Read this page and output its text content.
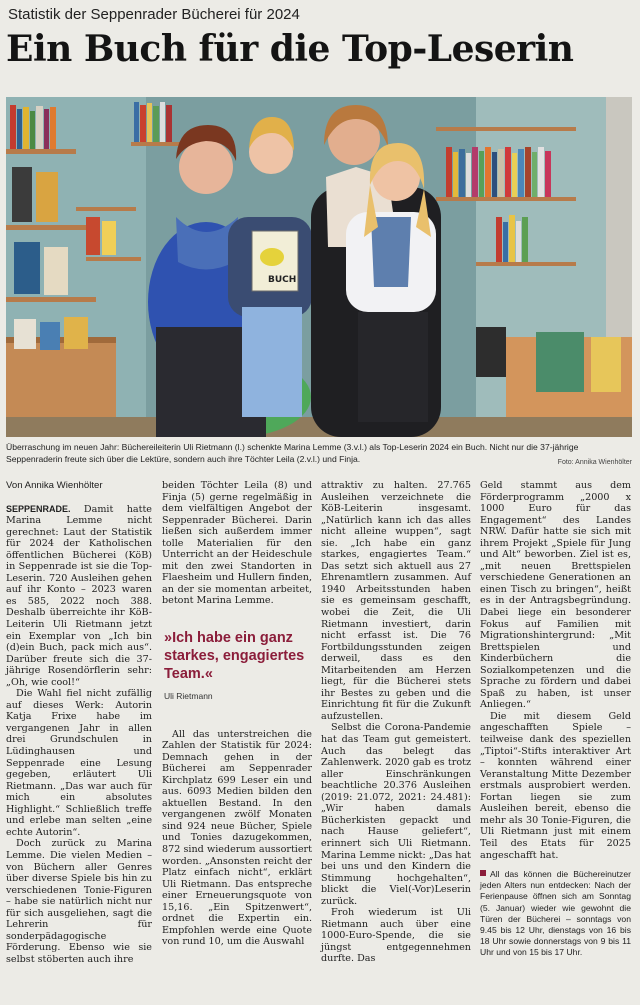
Statistik der Seppenrader Bücherei für 2024
Ein Buch für die Top-Leserin
BUCH
Überraschung im neuen Jahr: Büchereileiterin Uli Rietmann (l.) schenkte Marina Lemme (3.v.l.) als Top-Leserin 2024 ein Buch. Nicht nur die 37-jährige Seppenraderin freute sich über die Lektüre, sondern auch ihre Töchter Leila (2.v.l.) und Finja.	Foto: Annika Wienhölter

Von Annika Wienhölter

SEPPENRADE. Damit hatte Marina Lemme nicht gerechnet: Laut der Statistik für 2024 der Katholischen öffentlichen Bücherei (KöB) in Seppenrade ist sie die Top-Leserin. 720 Ausleihen gehen auf ihr Konto – 2023 waren es 585, 2022 noch 388. Deshalb überreichte ihr KöB-Leiterin Uli Rietmann jetzt ein Exemplar von „Ich bin (d)ein Buch, pack mich aus“. Darüber freute sich die 37-jährige Rosendörflerin sehr: „Oh, wie cool!“

Die Wahl fiel nicht zufällig auf dieses Werk: Autorin Katja Frixe habe im vergangenen Jahr in allen drei Grundschulen in Lüdinghausen und Seppenrade eine Lesung gegeben, erläutert Uli Rietmann. „Das war auch für mich ein absolutes Highlight.“ Schließlich treffe und erlebe man selten „eine echte Autorin“.

Doch zurück zu Marina Lemme. Die vielen Medien – von Büchern aller Genres über diverse Spiele bis hin zu verschiedenen Tonie-Figuren – habe sie natürlich nicht nur für sich ausgeliehen, sagt die Lehrerin für sonderpädagogische Förderung. Ebenso wie sie selbst stöberten auch ihre

beiden Töchter Leila (8) und Finja (5) gerne regelmäßig in dem vielfältigen Angebot der Seppenrader Bücherei. Darin ließen sich außerdem immer tolle Materialien für den Unterricht an der Heideschule mit den zwei Standorten in Flaesheim und Hullern finden, an der sie momentan arbeitet, betont Marina Lemme.

»Ich habe ein ganz starkes, engagiertes Team.«

Uli Rietmann

All das unterstreichen die Zahlen der Statistik für 2024: Demnach gehen in der Bücherei am Seppenrader Kirchplatz 699 Leser ein und aus. 6093 Medien bilden den aktuellen Bestand. In den vergangenen zwölf Monaten sind 924 neue Bücher, Spiele und Tonies dazugekommen, 872 sind wiederum aussortiert worden. „Ansonsten reicht der Platz einfach nicht“, erklärt Uli Rietmann. Das entspreche einer Erneuerungsquote von 15,16. „Ein Spitzenwert“, ordnet die Expertin ein. Empfohlen werde eine Quote von rund 10, um die Auswahl

attraktiv zu halten. 27.765 Ausleihen verzeichnete die KöB-Leiterin insgesamt. „Natürlich kann ich das alles nicht alleine wuppen“, sagt sie. „Ich habe ein ganz starkes, engagiertes Team.“ Das setzt sich aktuell aus 27 Ehrenamtlern zusammen. Auf 1940 Arbeitsstunden haben sie es gemeinsam geschafft, wobei die Zeit, die Uli Rietmann investiert, darin nicht erfasst ist. Die 76 Fortbildungsstunden zeigen derweil, dass es den Mitarbeitenden am Herzen liegt, für die Bücherei stets ihr Bestes zu geben und die Einrichtung fit für die Zukunft aufzustellen.

Selbst die Corona-Pandemie hat das Team gut gemeistert. Auch das belegt das Zahlenwerk. 2020 gab es trotz aller Einschränkungen beachtliche 20.376 Ausleihen (2019: 21.072, 2021: 24.481): „Wir haben damals Bücherkisten gepackt und nach Hause geliefert“, erinnert sich Uli Rietmann. Marina Lemme nickt: „Das hat bei uns und den Kindern die Stimmung hochgehalten“, blickt die Viel(-Vor)Leserin zurück.

Froh wiederum ist Uli Rietmann auch über eine 1000-Euro-Spende, die sie jüngst entgegennehmen durfte. Das

Geld stammt aus dem Förderprogramm „2000 x 1000 Euro für das Engagement“ des Landes NRW. Dafür hatte sie sich mit ihrem Projekt „Spiele für Jung und Alt“ beworben. Ziel ist es, „mit neuen Brettspielen verschiedene Generationen an einen Tisch zu bringen“, heißt es in der Antragsbegründung. Dabei liege ein besonderer Fokus auf Familien mit Migrationshintergrund: „Mit Brettspielen und Kinderbüchern die Sozialkompetenzen und die Sprache zu fördern und dabei Spaß zu haben, ist unser Anliegen.“

Die mit diesem Geld angeschafften Spiele – teilweise dank des speziellen „Tiptoi“-Stifts interaktiver Art – konnten während einer Veranstaltung Mitte Dezember erstmals ausprobiert werden. Fortan liegen sie zum Ausleihen bereit, ebenso die mehr als 30 Tonie-Figuren, die Uli Rietmann just mit einem Teil des Etats für 2025 angeschafft hat.

All das können die Büchereinutzer jeden Alters nun entdecken: Nach der Ferienpause öffnen sich am Sonntag (5. Januar) wieder wie gewohnt die Türen der Bücherei – sonntags von 9.45 bis 12 Uhr, dienstags von 16 bis 18 Uhr sowie donnerstags von 9 bis 11 Uhr und von 15 bis 17 Uhr.
